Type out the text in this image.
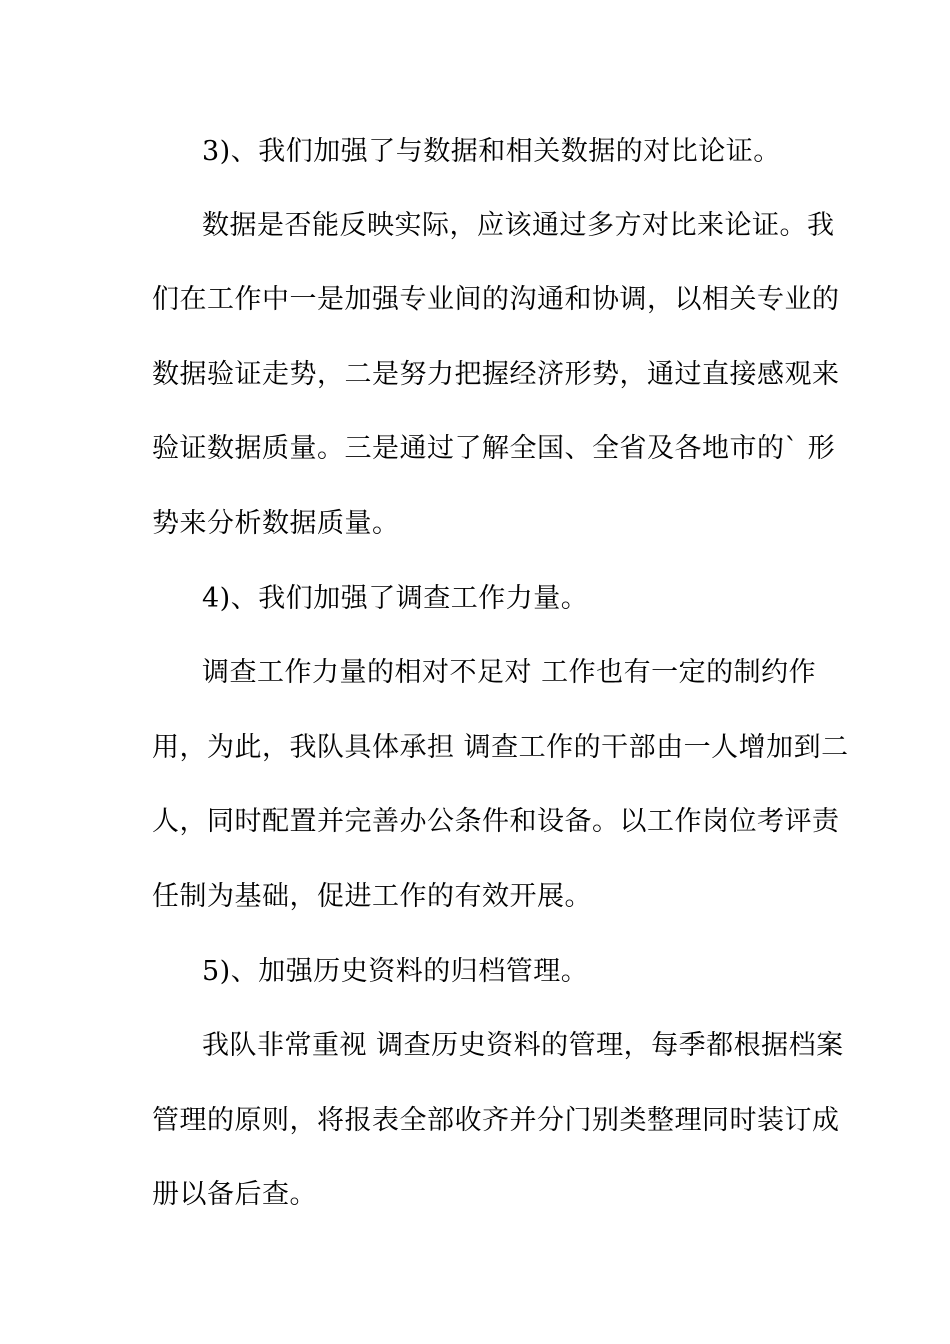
3)、我们加强了与数据和相关数据的对比论证。
数据是否能反映实际，应该通过多方对比来论证。我
们在工作中一是加强专业间的沟通和协调，以相关专业的
数据验证走势，二是努力把握经济形势，通过直接感观来
验证数据质量。三是通过了解全国、全省及各地市的` 形
势来分析数据质量。
4)、我们加强了调查工作力量。
调查工作力量的相对不足对 工作也有一定的制约作
用，为此，我队具体承担 调查工作的干部由一人增加到二
人，同时配置并完善办公条件和设备。以工作岗位考评责
任制为基础，促进工作的有效开展。
5)、加强历史资料的归档管理。
我队非常重视 调查历史资料的管理，每季都根据档案
管理的原则，将报表全部收齐并分门别类整理同时装订成
册以备后查。
